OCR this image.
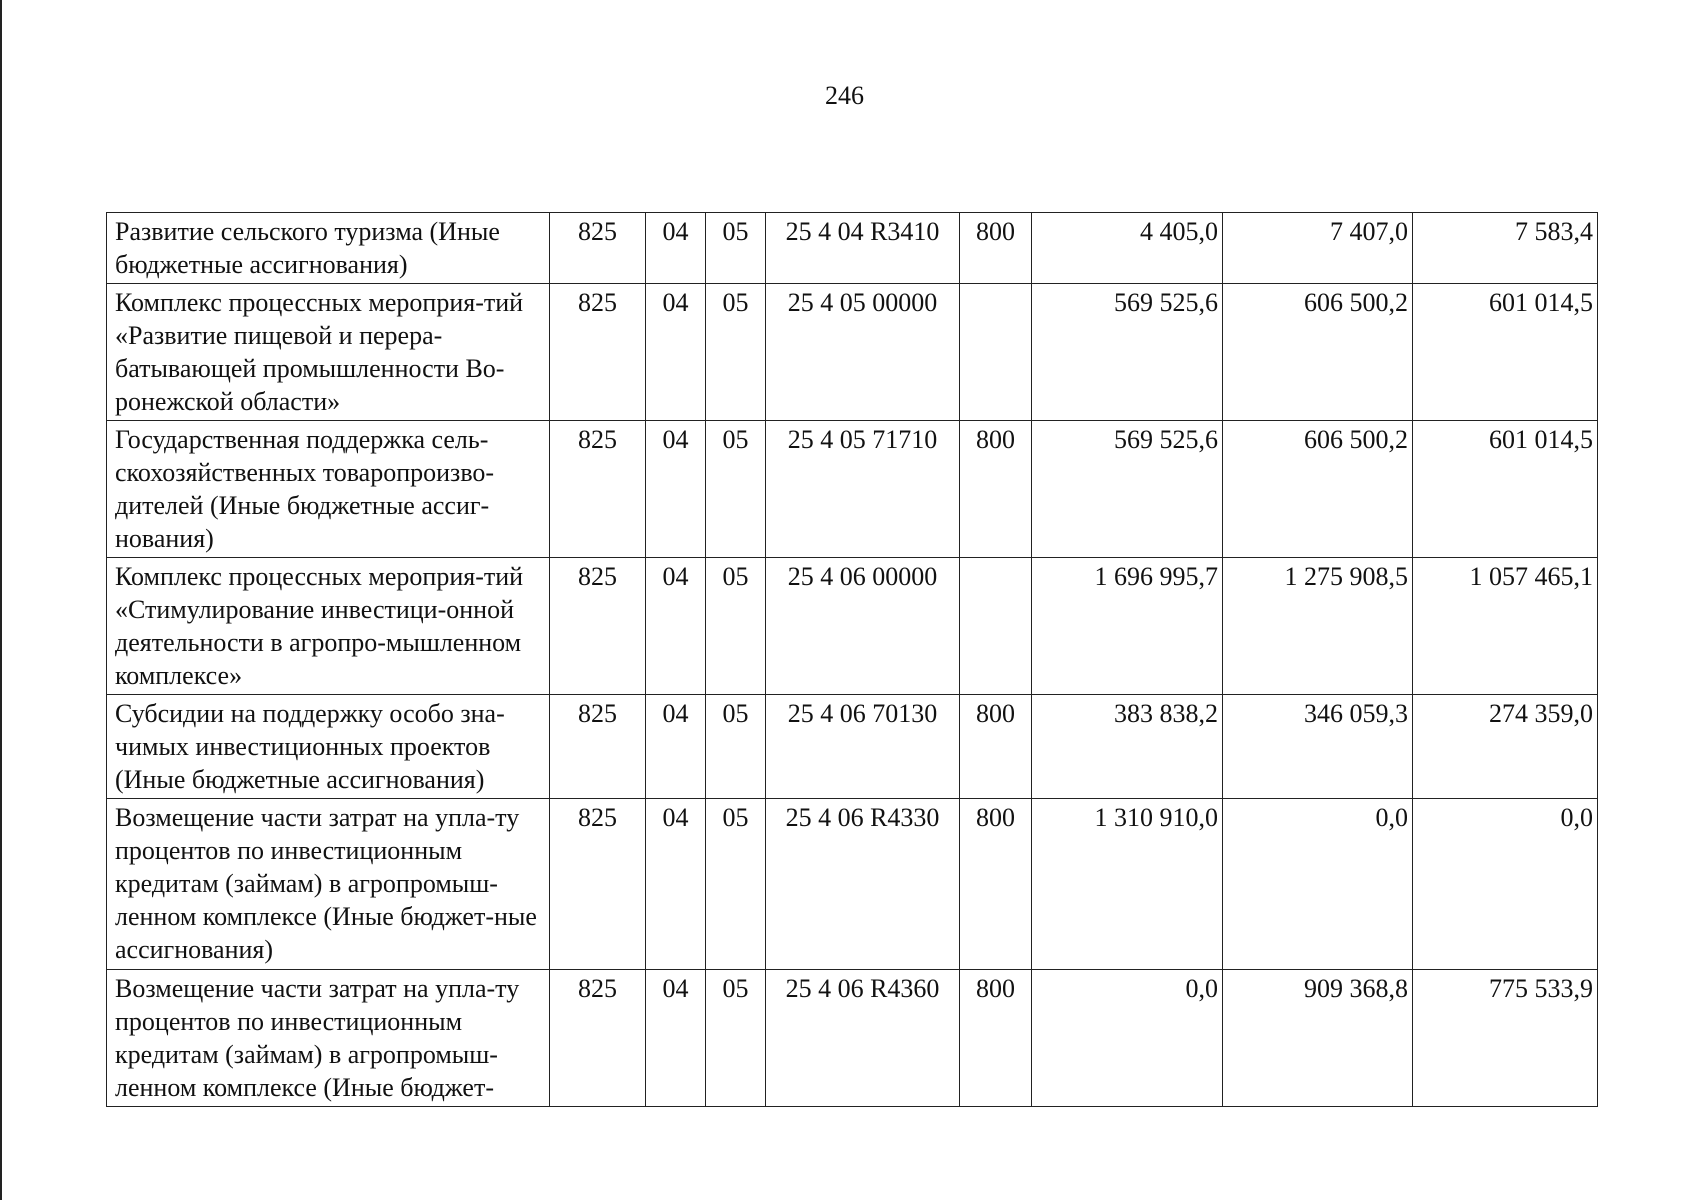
246
Развитие сельского туризма (Иные бюджетные ассигнования)	825	04	05	25 4 04 R3410	800	4 405,0	7 407,0	7 583,4
Комплекс процессных мероприя-тий «Развитие пищевой и перера-батывающей промышленности Во-ронежской области»	825	04	05	25 4 05 00000		569 525,6	606 500,2	601 014,5
Государственная поддержка сель-скохозяйственных товаропроизво-дителей (Иные бюджетные ассиг-нования)	825	04	05	25 4 05 71710	800	569 525,6	606 500,2	601 014,5
Комплекс процессных мероприя-тий «Стимулирование инвестици-онной деятельности в агропро-мышленном комплексе»	825	04	05	25 4 06 00000		1 696 995,7	1 275 908,5	1 057 465,1
Субсидии на поддержку особо зна-чимых инвестиционных проектов (Иные бюджетные ассигнования)	825	04	05	25 4 06 70130	800	383 838,2	346 059,3	274 359,0
Возмещение части затрат на упла-ту процентов по инвестиционным кредитам (займам) в агропромыш-ленном комплексе (Иные бюджет-ные ассигнования)	825	04	05	25 4 06 R4330	800	1 310 910,0	0,0	0,0
Возмещение части затрат на упла-ту процентов по инвестиционным кредитам (займам) в агропромыш-ленном комплексе (Иные бюджет-	825	04	05	25 4 06 R4360	800	0,0	909 368,8	775 533,9
